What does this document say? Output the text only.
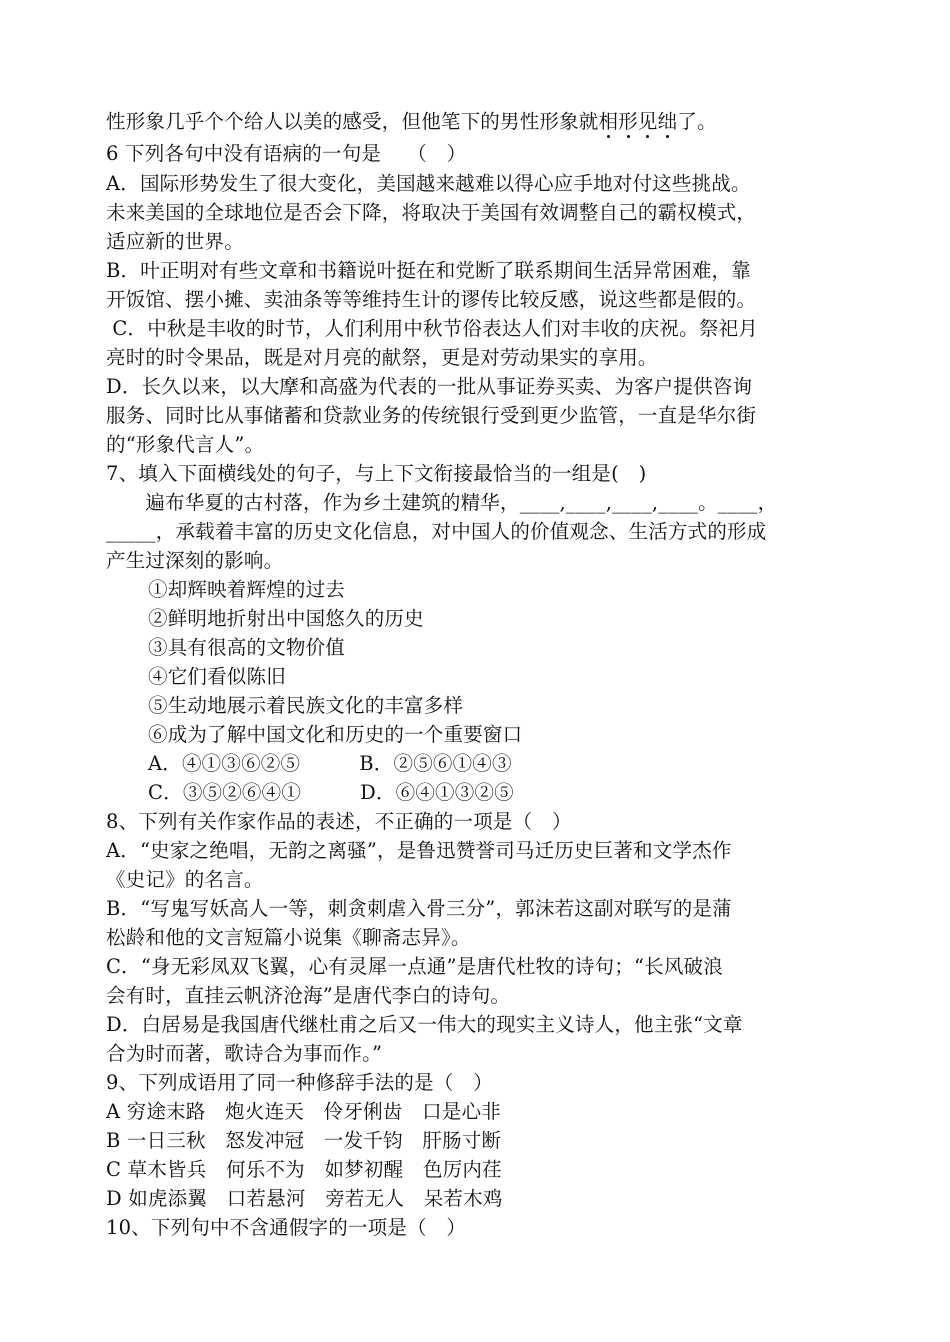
性形象几乎个个给人以美的感受，但他笔下的男性形象就相形见绌了。
6 下列各句中没有语病的一句是　 （　）
A．国际形势发生了很大变化，美国越来越难以得心应手地对付这些挑战。
未来美国的全球地位是否会下降，将取决于美国有效调整自己的霸权模式，
适应新的世界。
B．叶正明对有些文章和书籍说叶挺在和党断了联系期间生活异常困难，靠
开饭馆、摆小摊、卖油条等等维持生计的谬传比较反感，说这些都是假的。
C．中秋是丰收的时节，人们利用中秋节俗表达人们对丰收的庆祝。祭祀月
亮时的时令果品，既是对月亮的献祭，更是对劳动果实的享用。
D．长久以来，以大摩和高盛为代表的一批从事证券买卖、为客户提供咨询
服务、同时比从事储蓄和贷款业务的传统银行受到更少监管，一直是华尔街
的“形象代言人”。
7、填入下面横线处的句子，与上下文衔接最恰当的一组是(　)
　　遍布华夏的古村落，作为乡土建筑的精华，____,____,____,____。____，
_____，承载着丰富的历史文化信息，对中国人的价值观念、生活方式的形成
产生过深刻的影响。
①却辉映着辉煌的过去
②鲜明地折射出中国悠久的历史
③具有很高的文物价值
④它们看似陈旧
⑤生动地展示着民族文化的丰富多样
⑥成为了解中国文化和历史的一个重要窗口
A．④①③⑥②⑤　　　B．②⑤⑥①④③
C．③⑤②⑥④①　　　D．⑥④①③②⑤
8、下列有关作家作品的表述，不正确的一项是（　）
A．“史家之绝唱，无韵之离骚”，是鲁迅赞誉司马迁历史巨著和文学杰作
《史记》的名言。
B．“写鬼写妖高人一等，刺贪刺虐入骨三分”，郭沫若这副对联写的是蒲
松龄和他的文言短篇小说集《聊斋志异》。
C．“身无彩凤双飞翼，心有灵犀一点通”是唐代杜牧的诗句；“长风破浪
会有时，直挂云帆济沧海”是唐代李白的诗句。
D．白居易是我国唐代继杜甫之后又一伟大的现实主义诗人，他主张“文章
合为时而著，歌诗合为事而作。”
9、下列成语用了同一种修辞手法的是（　）
A 穷途末路　炮火连天　伶牙俐齿　口是心非
B 一日三秋　怒发冲冠　一发千钧　肝肠寸断
C 草木皆兵　何乐不为　如梦初醒　色厉内荏
D 如虎添翼　口若悬河　旁若无人　呆若木鸡
10、下列句中不含通假字的一项是（　）
